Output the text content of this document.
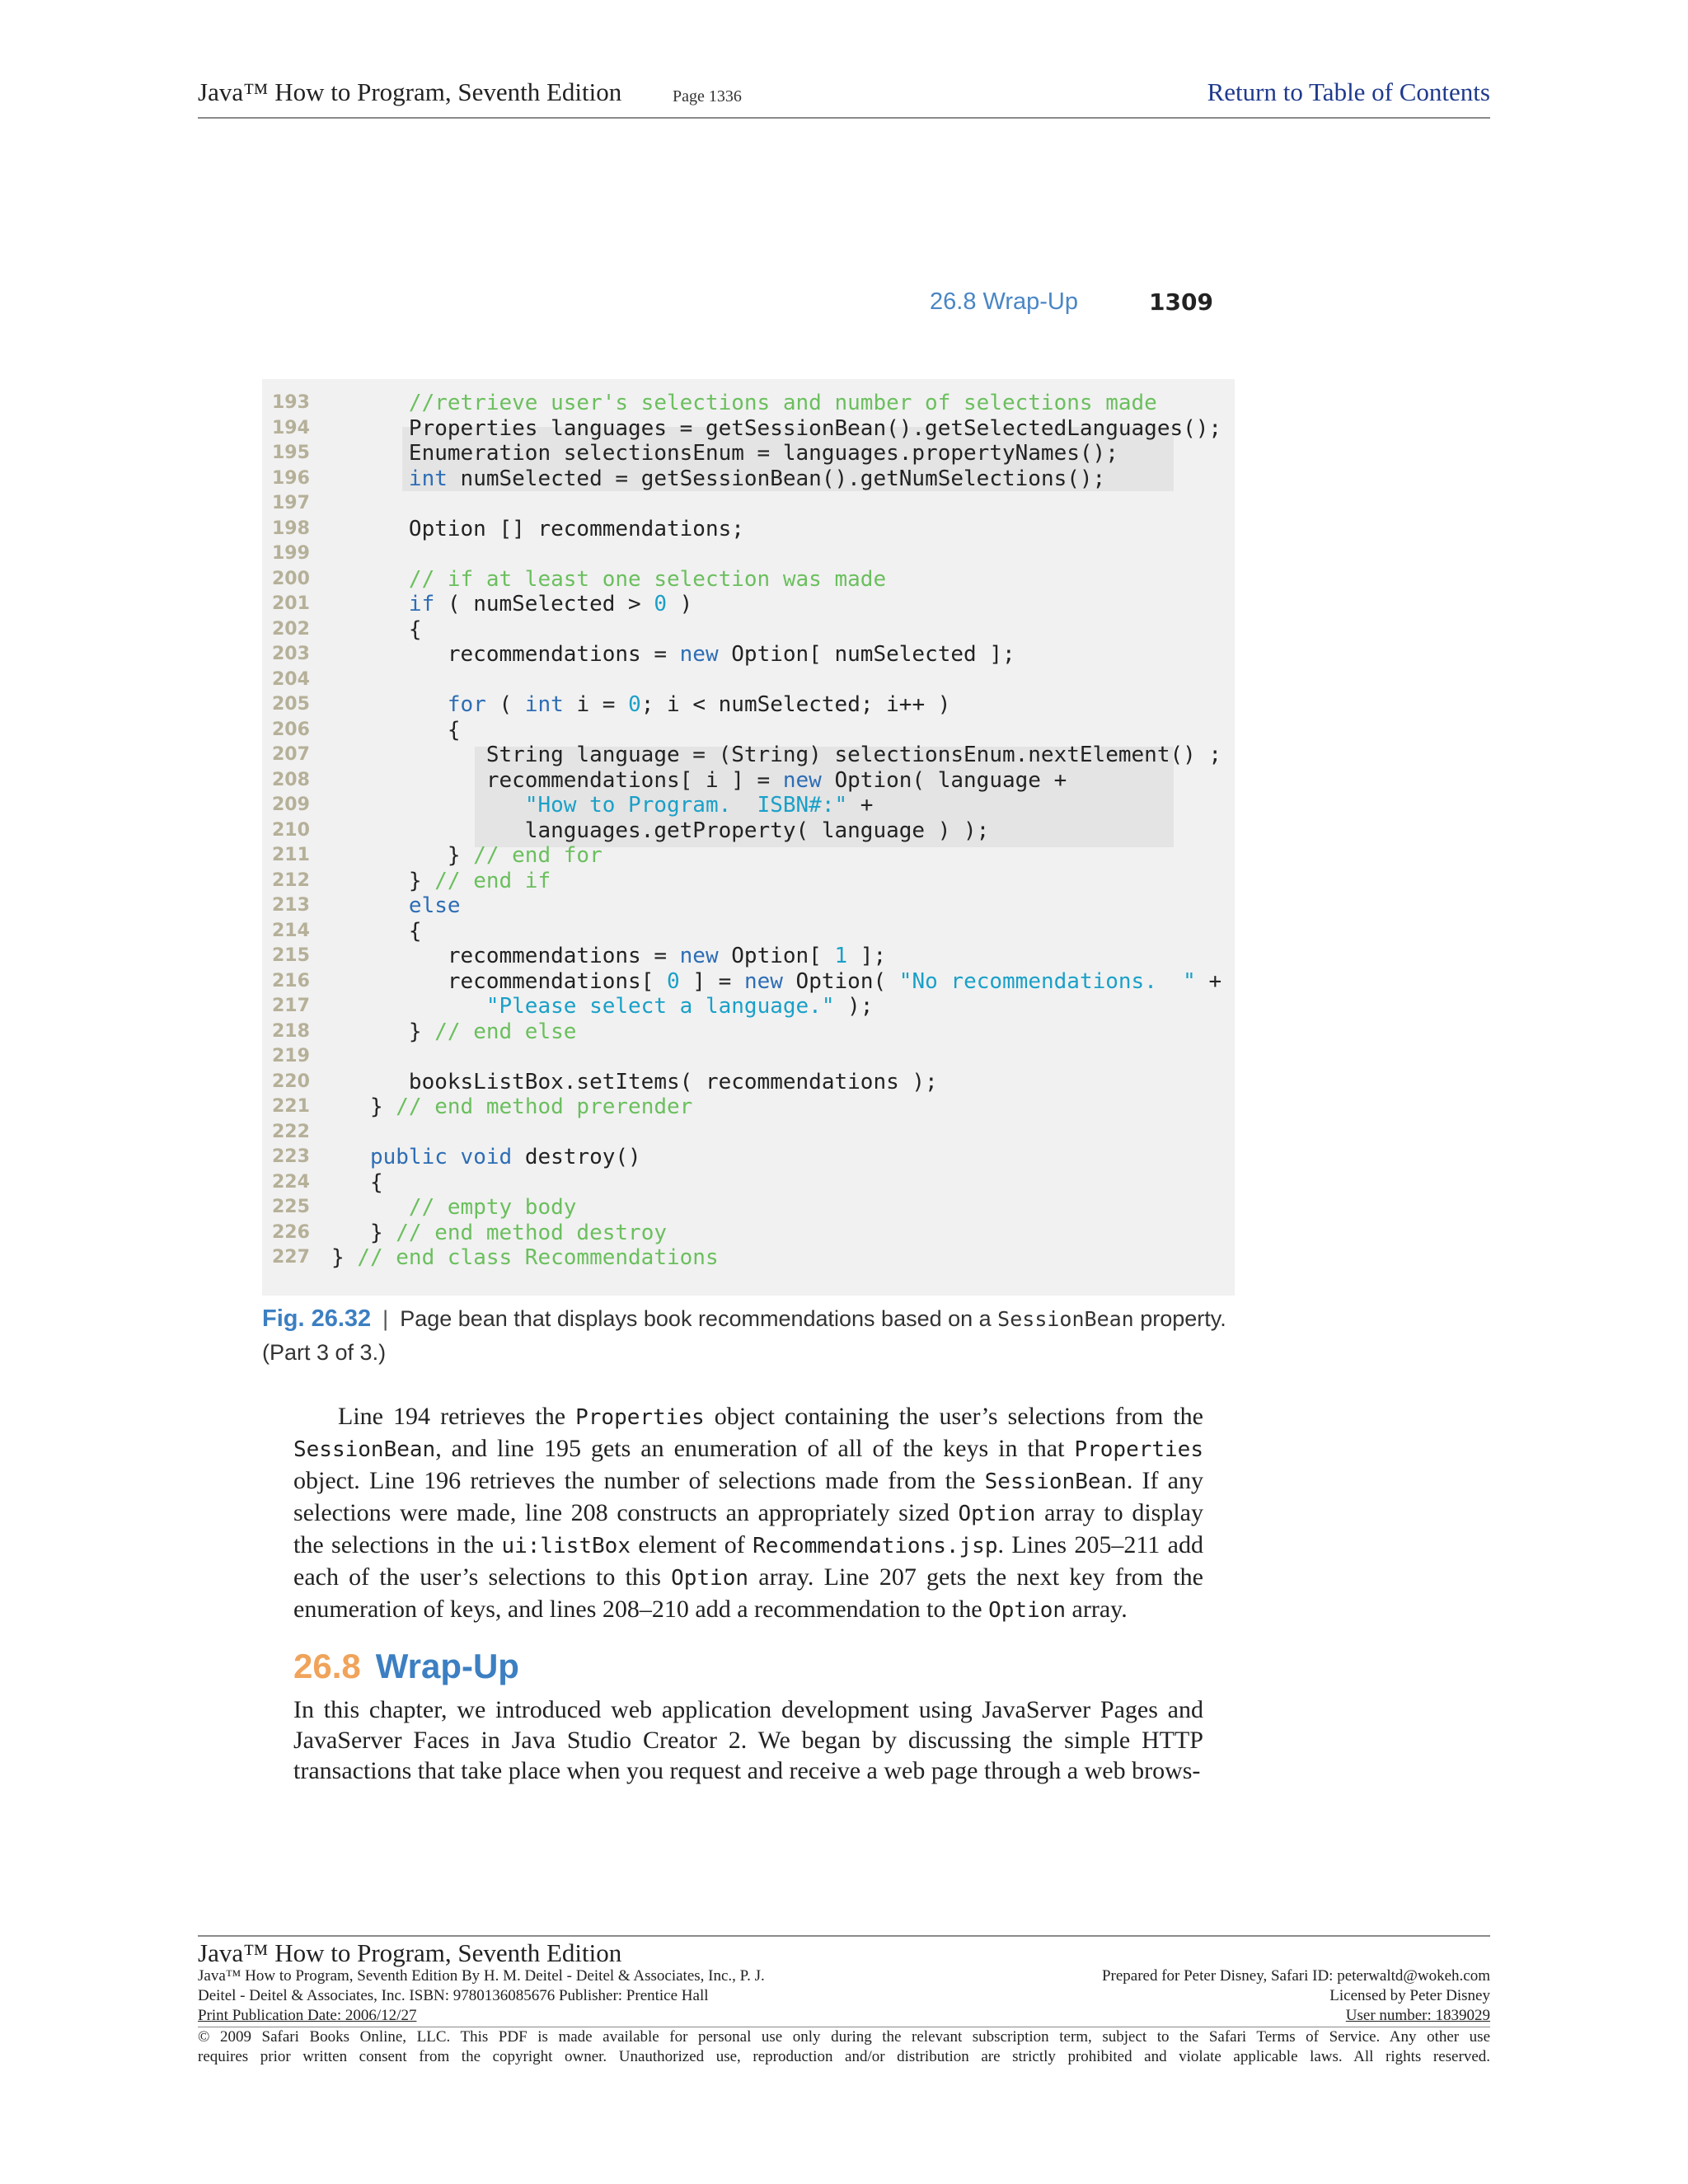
Java™ How to Program, Seventh Edition	Page 1336	Return to Table of Contents
26.8 Wrap-Up	1309
193	//retrieve user's selections and number of selections made
194	Properties languages = getSessionBean().getSelectedLanguages();
195	Enumeration selectionsEnum = languages.propertyNames();
196	int numSelected = getSessionBean().getNumSelections();
197
198	Option [] recommendations;
199
200	// if at least one selection was made
201	if ( numSelected > 0 )
202	{
203	recommendations = new Option[ numSelected ];
204
205	for ( int i = 0; i < numSelected; i++ )
206	{
207	String language = (String) selectionsEnum.nextElement() ;
208	recommendations[ i ] = new Option( language +
209	"How to Program.  ISBN#:" +
210	languages.getProperty( language ) );
211	} // end for
212	} // end if
213	else
214	{
215	recommendations = new Option[ 1 ];
216	recommendations[ 0 ] = new Option( "No recommendations.  " +
217	"Please select a language." );
218	} // end else
219
220	booksListBox.setItems( recommendations );
221	} // end method prerender
222
223	public void destroy()
224	{
225	// empty body
226	} // end method destroy
227	} // end class Recommendations
Fig. 26.32 | Page bean that displays book recommendations based on a SessionBean property.
(Part 3 of 3.)
Line 194 retrieves the Properties object containing the user’s selections from the SessionBean, and line 195 gets an enumeration of all of the keys in that Properties object. Line 196 retrieves the number of selections made from the SessionBean. If any selections were made, line 208 constructs an appropriately sized Option array to display the selections in the ui:listBox element of Recommendations.jsp. Lines 205–211 add each of the user’s selections to this Option array. Line 207 gets the next key from the enumeration of keys, and lines 208–210 add a recommendation to the Option array.
26.8 Wrap-Up
In this chapter, we introduced web application development using JavaServer Pages and JavaServer Faces in Java Studio Creator 2. We began by discussing the simple HTTP transactions that take place when you request and receive a web page through a web brows-
Java™ How to Program, Seventh Edition
Java™ How to Program, Seventh Edition By H. M. Deitel - Deitel & Associates, Inc., P. J.
Deitel - Deitel & Associates, Inc. ISBN: 9780136085676 Publisher: Prentice Hall
Print Publication Date: 2006/12/27
Prepared for Peter Disney, Safari ID: peterwaltd@wokeh.com
Licensed by Peter Disney
User number: 1839029
© 2009 Safari Books Online, LLC. This PDF is made available for personal use only during the relevant subscription term, subject to the Safari Terms of Service. Any other use
requires prior written consent from the copyright owner. Unauthorized use, reproduction and/or distribution are strictly prohibited and violate applicable laws. All rights reserved.
